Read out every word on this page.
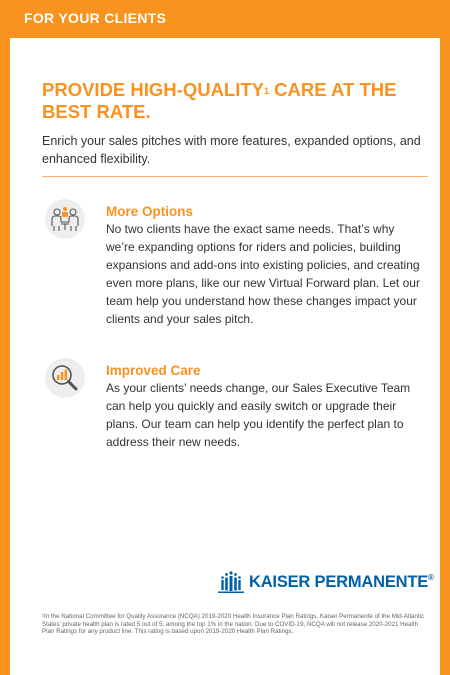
FOR YOUR CLIENTS
PROVIDE HIGH-QUALITY$^1$ CARE AT THE BEST RATE.

Enrich your sales pitches with more features, expanded options, and enhanced flexibility.

More Options

No two clients have the exact same needs. That’s why we’re expanding options for riders and policies, building expansions and add-ons into existing policies, and creating even more plans, like our new Virtual Forward plan. Let our team help you understand how these changes impact your clients and your sales pitch.

Improved Care

As your clients’ needs change, our Sales Executive Team can help you quickly and easily switch or upgrade their plans. Our team can help you identify the perfect plan to address their new needs.

KAISER PERMANENTE®

¹In the National Committee for Quality Assurance (NCQA) 2019-2020 Health Insurance Plan Ratings, Kaiser Permanente of the Mid-Atlantic States’ private health plan is rated 5 out of 5, among the top 1% in the nation. Due to COVID-19, NCQA will not release 2020-2021 Health Plan Ratings for any product line. This rating is based upon 2019-2020 Health Plan Ratings.
